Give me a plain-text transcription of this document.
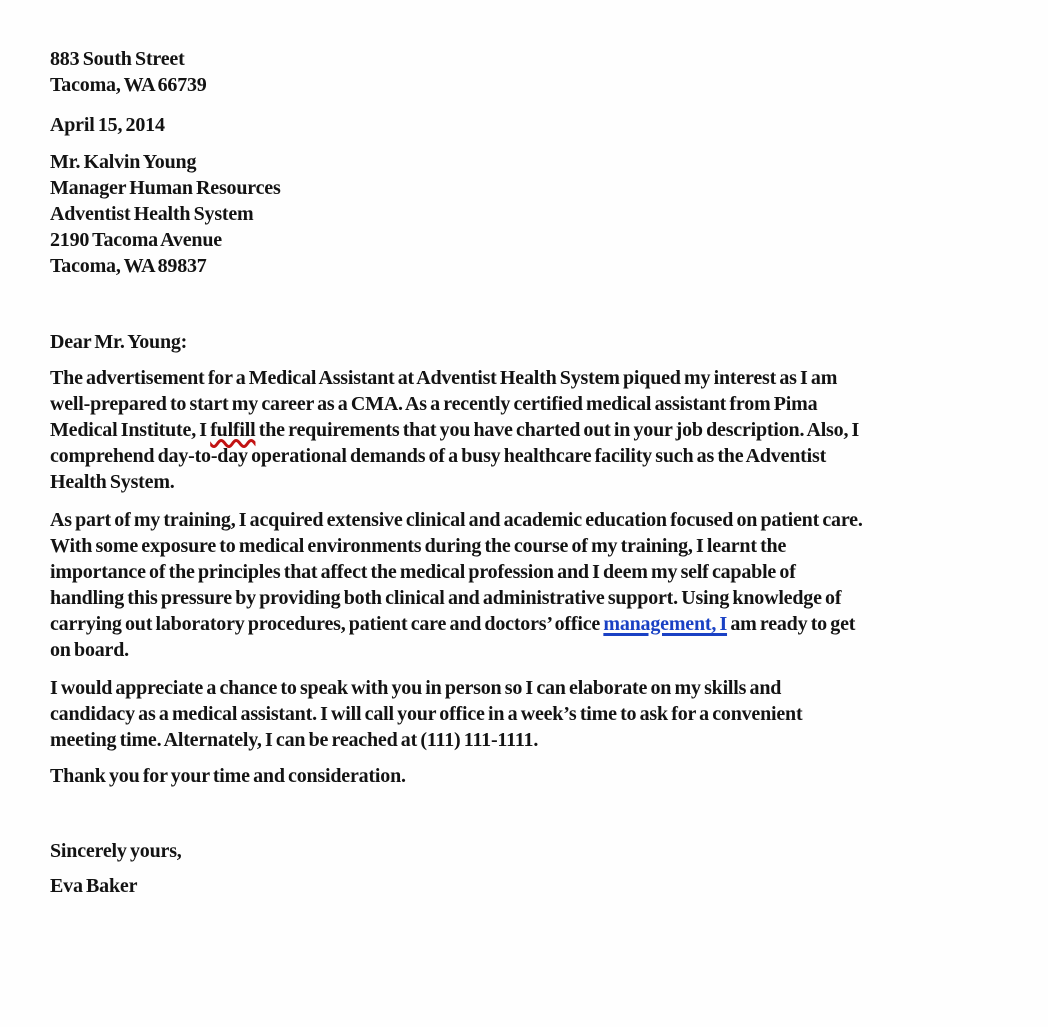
883 South Street
Tacoma, WA 66739
April 15, 2014
Mr. Kalvin Young
Manager Human Resources
Adventist Health System
2190 Tacoma Avenue
Tacoma, WA 89837
Dear Mr. Young:
The advertisement for a Medical Assistant at Adventist Health System piqued my interest as I am
well-prepared to start my career as a CMA. As a recently certified medical assistant from Pima
Medical Institute, I fulfill the requirements that you have charted out in your job description. Also, I
comprehend day-to-day operational demands of a busy healthcare facility such as the Adventist
Health System.
As part of my training, I acquired extensive clinical and academic education focused on patient care.
With some exposure to medical environments during the course of my training, I learnt the
importance of the principles that affect the medical profession and I deem my self capable of
handling this pressure by providing both clinical and administrative support. Using knowledge of
carrying out laboratory procedures, patient care and doctors’ office management, I am ready to get
on board.
I would appreciate a chance to speak with you in person so I can elaborate on my skills and
candidacy as a medical assistant. I will call your office in a week’s time to ask for a convenient
meeting time. Alternately, I can be reached at (111) 111-1111.
Thank you for your time and consideration.
Sincerely yours,
Eva Baker
